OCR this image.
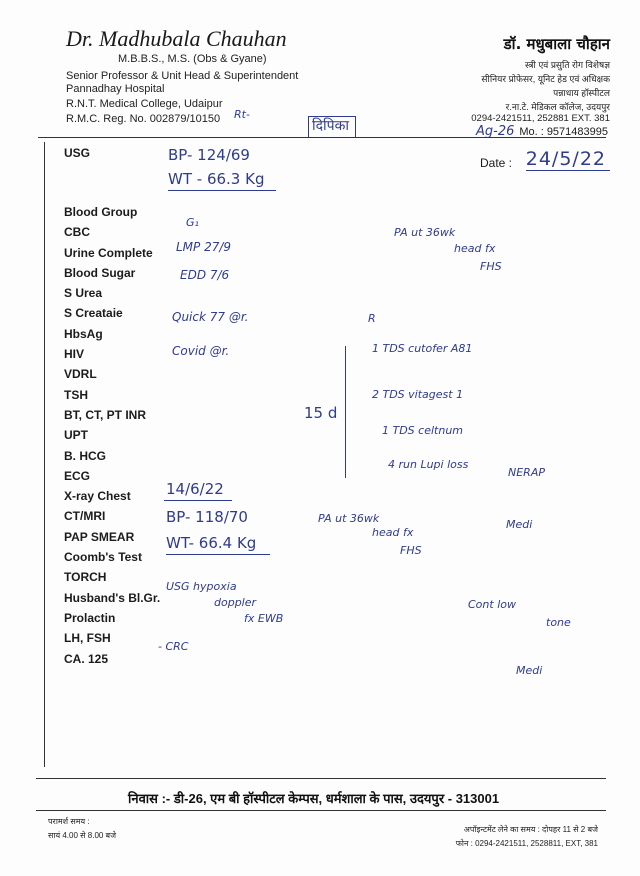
Dr. Madhubala Chauhan
M.B.B.S., M.S. (Obs & Gyane)
Senior Professor & Unit Head & Superintendent
Pannadhay Hospital
R.N.T. Medical College, Udaipur
R.M.C. Reg. No. 002879/10150
डॉ. मधुबाला चौहान
स्त्री एवं प्रसुति रोग विशेषज्ञ
सीनियर प्रोफेसर, यूनिट हेड एवं अधिक्षक
पन्नाधाय हॉस्पीटल
र.ना.टे. मेडिकल कॉलेज, उदयपुर
0294-2421511, 252881 EXT. 381
Mo. : 9571483995
Rt-
दिपिका	Ag-26
Date : 24/5/22
USG
Blood Group
CBC
Urine Complete
Blood Sugar
S Urea
S Creataie
HbsAg
HIV
VDRL
TSH
BT, CT, PT INR
UPT
B. HCG
ECG
X-ray Chest
CT/MRI
PAP SMEAR
Coomb's Test
TORCH
Husband's Bl.Gr.
Prolactin
LH, FSH
CA. 125
BP- 124/69
WT - 66.3 Kg
G₁
LMP 27/9
EDD 7/6
Quick 77 @r.
Covid @r.
PA ut 36wk
head fx
FHS
R
15 d
1 TDS cutofer A81
2 TDS vitagest 1
1 TDS celtnum
4 run Lupi loss
NERAP
14/6/22
BP- 118/70
WT- 66.4 Kg
PA ut 36wk
head fx
FHS
Medi
USG hypoxia
doppler
fx EWB
- CRC
Cont low
tone
Medi
निवास :- डी-26, एम बी हॉस्पीटल केम्पस, धर्मशाला के पास, उदयपुर - 313001
परामर्श समय :
सायं 4.00 से 8.00 बजे
अपॉइन्टमेंट लेने का समय : दोपहर 11 से 2 बजे
फोन : 0294-2421511, 2528811, EXT, 381
